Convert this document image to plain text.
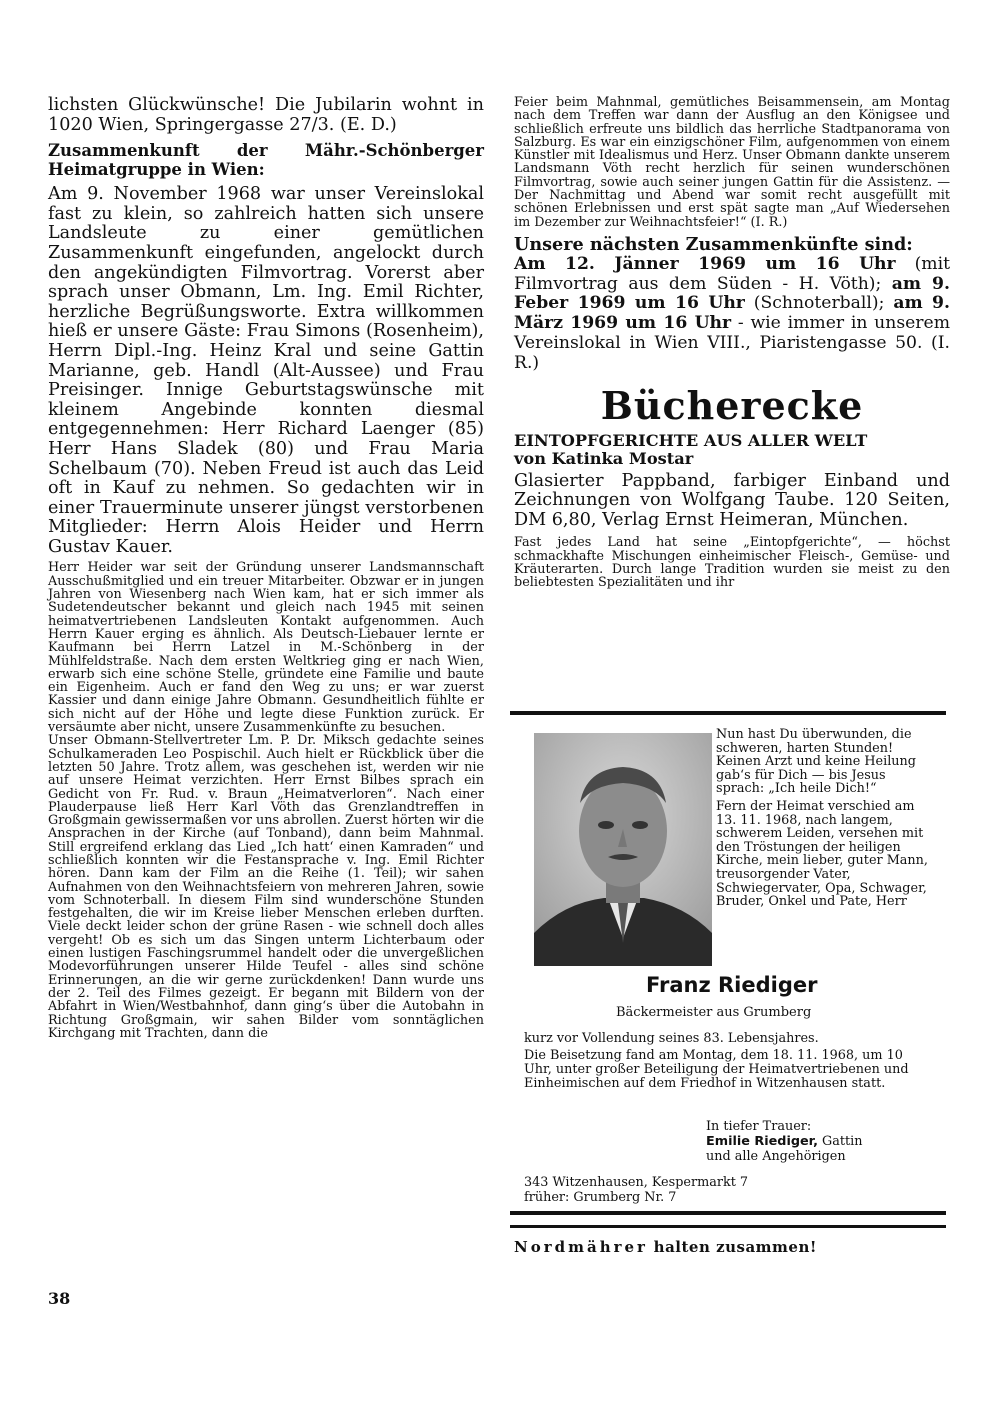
lichsten Glückwünsche! Die Jubilarin wohnt in 1020 Wien, Springergasse 27/3. (E. D.)

Zusammenkunft der Mähr.-Schönberger Heimatgruppe in Wien:

Am 9. November 1968 war unser Vereinslokal fast zu klein, so zahlreich hatten sich unsere Landsleute zu einer gemütlichen Zusammenkunft eingefunden, angelockt durch den angekündigten Filmvortrag. Vorerst aber sprach unser Obmann, Lm. Ing. Emil Richter, herzliche Begrüßungsworte. Extra willkommen hieß er unsere Gäste: Frau Simons (Rosenheim), Herrn Dipl.-Ing. Heinz Kral und seine Gattin Marianne, geb. Handl (Alt-Aussee) und Frau Preisinger. Innige Geburtstagswünsche mit kleinem Angebinde konnten diesmal entgegennehmen: Herr Richard Laenger (85) Herr Hans Sladek (80) und Frau Maria Schelbaum (70). Neben Freud ist auch das Leid oft in Kauf zu nehmen. So gedachten wir in einer Trauerminute unserer jüngst verstorbenen Mitglieder: Herrn Alois Heider und Herrn Gustav Kauer.

Herr Heider war seit der Gründung unserer Landsmannschaft Ausschußmitglied und ein treuer Mitarbeiter. Obzwar er in jungen Jahren von Wiesenberg nach Wien kam, hat er sich immer als Sudetendeutscher bekannt und gleich nach 1945 mit seinen heimatvertriebenen Landsleuten Kontakt aufgenommen. Auch Herrn Kauer erging es ähnlich. Als Deutsch-Liebauer lernte er Kaufmann bei Herrn Latzel in M.-Schönberg in der Mühlfeldstraße. Nach dem ersten Weltkrieg ging er nach Wien, erwarb sich eine schöne Stelle, gründete eine Familie und baute ein Eigenheim. Auch er fand den Weg zu uns; er war zuerst Kassier und dann einige Jahre Obmann. Gesundheitlich fühlte er sich nicht auf der Höhe und legte diese Funktion zurück. Er versäumte aber nicht, unsere Zusammenkünfte zu besuchen.

Unser Obmann-Stellvertreter Lm. P. Dr. Miksch gedachte seines Schulkameraden Leo Pospischil. Auch hielt er Rückblick über die letzten 50 Jahre. Trotz allem, was geschehen ist, werden wir nie auf unsere Heimat verzichten. Herr Ernst Bilbes sprach ein Gedicht von Fr. Rud. v. Braun „Heimatverloren“. Nach einer Plauderpause ließ Herr Karl Vöth das Grenzlandtreffen in Großgmain gewissermaßen vor uns abrollen. Zuerst hörten wir die Ansprachen in der Kirche (auf Tonband), dann beim Mahnmal. Still ergreifend erklang das Lied „Ich hatt‘ einen Kamraden“ und schließlich konnten wir die Festansprache v. Ing. Emil Richter hören. Dann kam der Film an die Reihe (1. Teil); wir sahen Aufnahmen von den Weihnachtsfeiern von mehreren Jahren, sowie vom Schnoterball. In diesem Film sind wunderschöne Stunden festgehalten, die wir im Kreise lieber Menschen erleben durften. Viele deckt leider schon der grüne Rasen - wie schnell doch alles vergeht! Ob es sich um das Singen unterm Lichterbaum oder einen lustigen Faschingsrummel handelt oder die unvergeßlichen Modevorführungen unserer Hilde Teufel - alles sind schöne Erinnerungen, an die wir gerne zurückdenken! Dann wurde uns der 2. Teil des Filmes gezeigt. Er begann mit Bildern von der Abfahrt in Wien/Westbahnhof, dann ging‘s über die Autobahn in Richtung Großgmain, wir sahen Bilder vom sonntäglichen Kirchgang mit Trachten, dann die

38

Feier beim Mahnmal, gemütliches Beisammensein, am Montag nach dem Treffen war dann der Ausflug an den Königsee und schließlich erfreute uns bildlich das herrliche Stadtpanorama von Salzburg. Es war ein einzigschöner Film, aufgenommen von einem Künstler mit Idealismus und Herz. Unser Obmann dankte unserem Landsmann Vöth recht herzlich für seinen wunderschönen Filmvortrag, sowie auch seiner jungen Gattin für die Assistenz. — Der Nachmittag und Abend war somit recht ausgefüllt mit schönen Erlebnissen und erst spät sagte man „Auf Wiedersehen im Dezember zur Weihnachtsfeier!“ (I. R.)

Unsere nächsten Zusammenkünfte sind:

Am 12. Jänner 1969 um 16 Uhr (mit Filmvortrag aus dem Süden - H. Vöth); am 9. Feber 1969 um 16 Uhr (Schnoterball); am 9. März 1969 um 16 Uhr - wie immer in unserem Vereinslokal in Wien VIII., Piaristengasse 50. (I. R.)

Bücherecke

EINTOPFGERICHTE AUS ALLER WELT

von Katinka Mostar

Glasierter Pappband, farbiger Einband und Zeichnungen von Wolfgang Taube. 120 Seiten, DM 6,80, Verlag Ernst Heimeran, München.

Fast jedes Land hat seine „Eintopfgerichte“, — höchst schmackhafte Mischungen einheimischer Fleisch-, Gemüse- und Kräuterarten. Durch lange Tradition wurden sie meist zu den beliebtesten Spezialitäten und ihr

Nun hast Du überwunden, die schweren, harten Stunden! Keinen Arzt und keine Heilung gab‘s für Dich — bis Jesus sprach: „Ich heile Dich!“

Fern der Heimat verschied am 13. 11. 1968, nach langem, schwerem Leiden, versehen mit den Tröstungen der heiligen Kirche, mein lieber, guter Mann, treusorgender Vater, Schwiegervater, Opa, Schwager, Bruder, Onkel und Pate, Herr

Franz Riediger
Bäckermeister aus Grumberg

kurz vor Vollendung seines 83. Lebensjahres.

Die Beisetzung fand am Montag, dem 18. 11. 1968, um 10 Uhr, unter großer Beteiligung der Heimatvertriebenen und Einheimischen auf dem Friedhof in Witzenhausen statt.

In tiefer Trauer:
Emilie Riediger, Gattin
und alle Angehörigen
343 Witzenhausen, Kespermarkt 7
früher: Grumberg Nr. 7
Nordmährer halten zusammen!
